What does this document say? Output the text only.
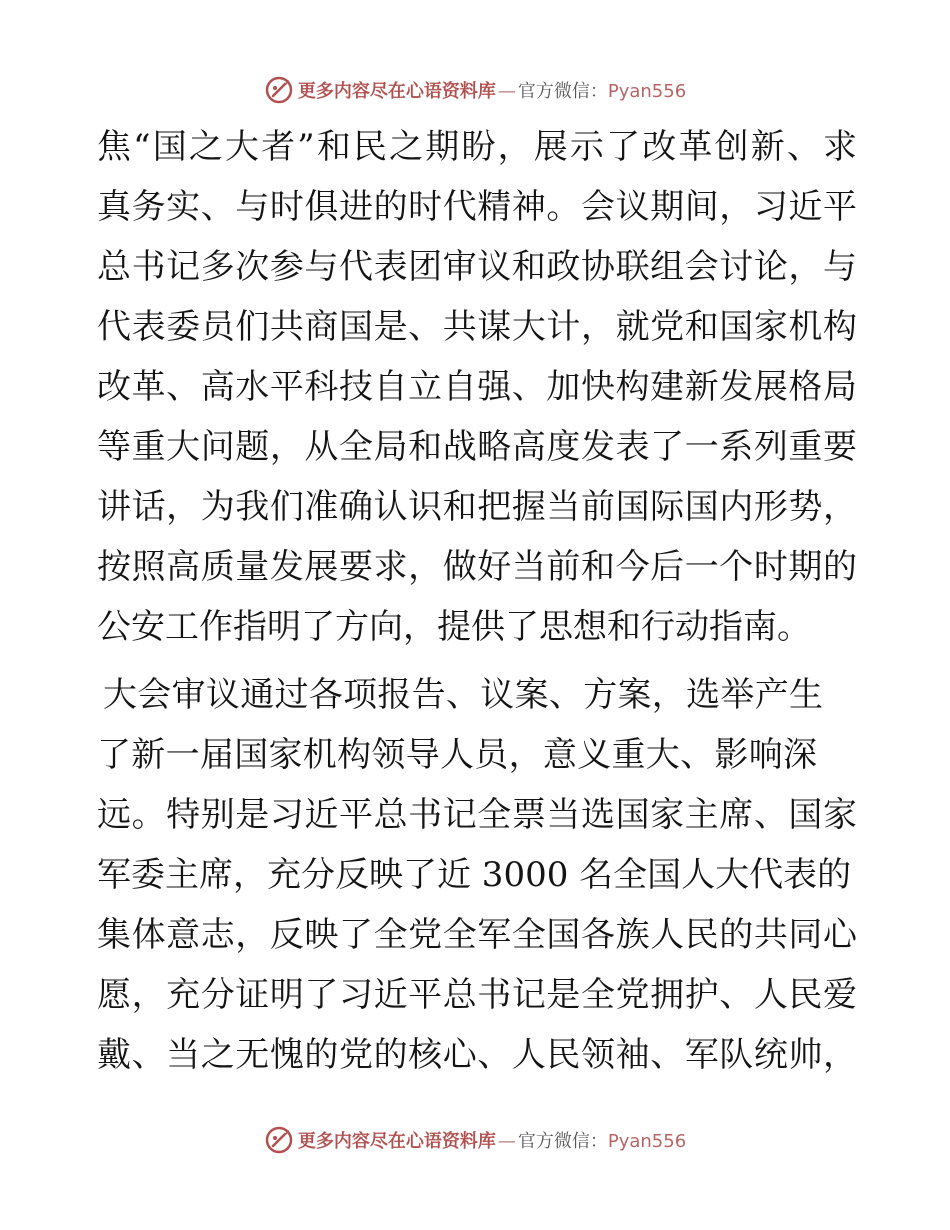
更多内容尽在心语资料库 — 官方微信：Pyan556
焦“国之大者”和民之期盼，展示了改革创新、求
真务实、与时俱进的时代精神。会议期间，习近平
总书记多次参与代表团审议和政协联组会讨论，与
代表委员们共商国是、共谋大计，就党和国家机构
改革、高水平科技自立自强、加快构建新发展格局
等重大问题，从全局和战略高度发表了一系列重要
讲话，为我们准确认识和把握当前国际国内形势，
按照高质量发展要求，做好当前和今后一个时期的
公安工作指明了方向，提供了思想和行动指南。
大会审议通过各项报告、议案、方案，选举产生
了新一届国家机构领导人员，意义重大、影响深
远。特别是习近平总书记全票当选国家主席、国家
军委主席，充分反映了近 3000 名全国人大代表的
集体意志，反映了全党全军全国各族人民的共同心
愿，充分证明了习近平总书记是全党拥护、人民爱
戴、当之无愧的党的核心、人民领袖、军队统帅，
更多内容尽在心语资料库 — 官方微信：Pyan556
